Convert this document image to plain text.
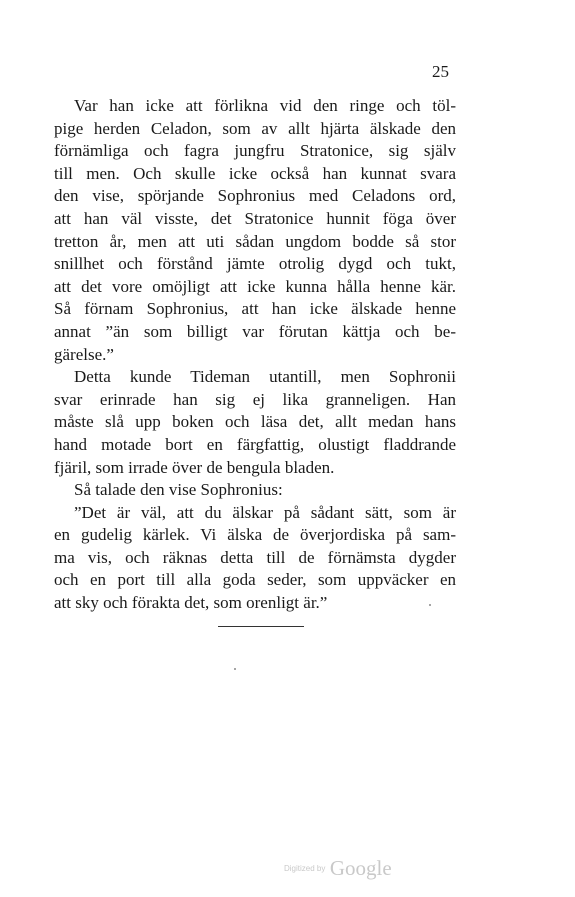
25
Var han icke att förlikna vid den ringe och töl-
pige herden Celadon, som av allt hjärta älskade den
förnämliga och fagra jungfru Stratonice, sig själv
till men. Och skulle icke också han kunnat svara
den vise, spörjande Sophronius med Celadons ord,
att han väl visste, det Stratonice hunnit föga över
tretton år, men att uti sådan ungdom bodde så stor
snillhet och förstånd jämte otrolig dygd och tukt,
att det vore omöjligt att icke kunna hålla henne kär.
Så förnam Sophronius, att han icke älskade henne
annat ”än som billigt var förutan kättja och be-
gärelse.”
Detta kunde Tideman utantill, men Sophronii
svar erinrade han sig ej lika granneligen. Han
måste slå upp boken och läsa det, allt medan hans
hand motade bort en färgfattig, olustigt fladdrande
fjäril, som irrade över de bengula bladen.
Så talade den vise Sophronius:
”Det är väl, att du älskar på sådant sätt, som är
en gudelig kärlek. Vi älska de överjordiska på sam-
ma vis, och räknas detta till de förnämsta dygder
och en port till alla goda seder, som uppväcker en
att sky och förakta det, som orenligt är.”
Digitized by Google
